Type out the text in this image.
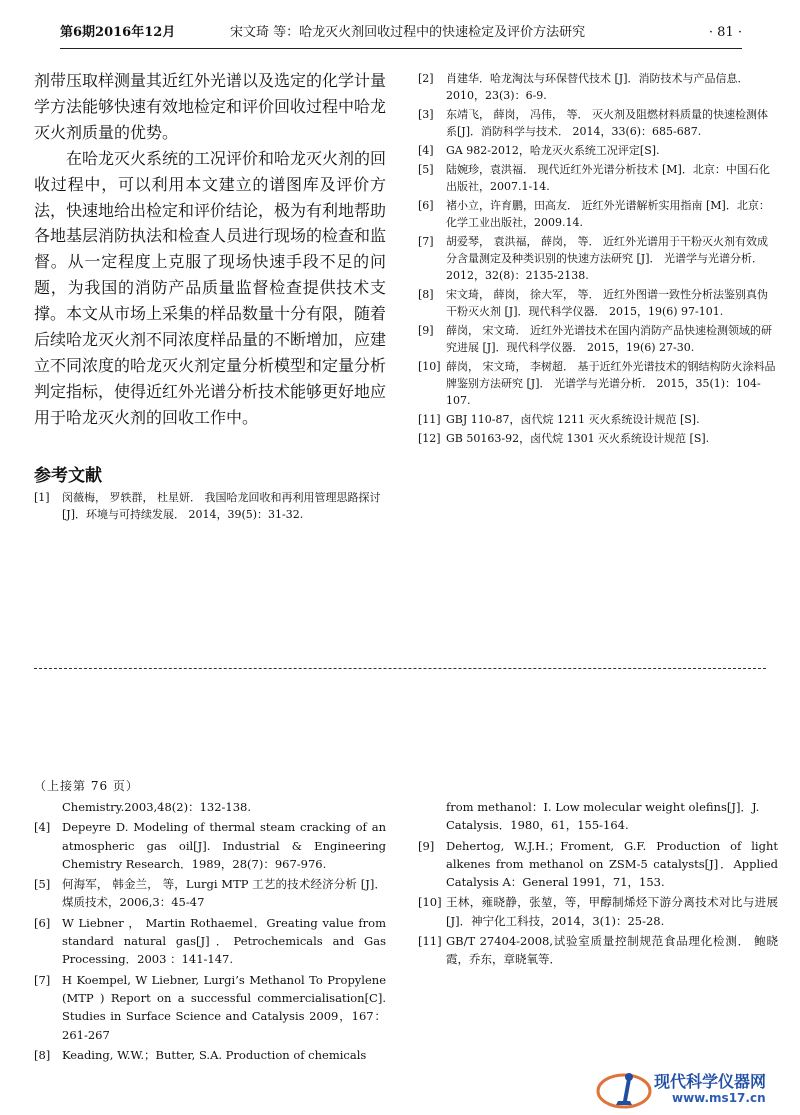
第6期2016年12月	宋文琦 等：哈龙灭火剂回收过程中的快速检定及评价方法研究	· 81 ·

剂带压取样测量其近红外光谱以及选定的化学计量学方法能够快速有效地检定和评价回收过程中哈龙灭火剂质量的优势。

在哈龙灭火系统的工况评价和哈龙灭火剂的回收过程中，可以利用本文建立的谱图库及评价方法，快速地给出检定和评价结论，极为有利地帮助各地基层消防执法和检查人员进行现场的检查和监督。从一定程度上克服了现场快速手段不足的问题，为我国的消防产品质量监督检查提供技术支撑。本文从市场上采集的样品数量十分有限，随着后续哈龙灭火剂不同浓度样品量的不断增加，应建立不同浓度的哈龙灭火剂定量分析模型和定量分析判定指标，使得近红外光谱分析技术能够更好地应用于哈龙灭火剂的回收工作中。

参考文献
[1] 闵薇梅， 罗轶群， 杜星妍． 我国哈龙回收和再利用管理思路探讨[J]．环境与可持续发展． 2014，39(5)：31-32.
[2] 肖建华．哈龙淘汰与环保替代技术 [J]．消防技术与产品信息． 2010，23(3)：6-9.
[3] 东靖飞， 薛岗， 冯伟， 等． 灭火剂及阻燃材料质量的快速检测体系[J]．消防科学与技术． 2014，33(6)：685-687.
[4] GA 982-2012，哈龙灭火系统工况评定[S].
[5] 陆婉珍，袁洪福． 现代近红外光谱分析技术 [M]．北京：中国石化出版社，2007.1-14.
[6] 褚小立，许育鹏，田高友． 近红外光谱解析实用指南 [M]．北京：化学工业出版社，2009.14.
[7] 胡爱琴， 袁洪福， 薛岗， 等． 近红外光谱用于干粉灭火剂有效成分含量测定及种类识别的快速方法研究 [J]． 光谱学与光谱分析． 2012，32(8)：2135-2138.
[8] 宋文琦， 薛岗， 徐大军， 等． 近红外图谱一致性分析法鉴别真伪干粉灭火剂 [J]．现代科学仪器． 2015，19(6) 97-101.
[9] 薛岗， 宋文琦． 近红外光谱技术在国内消防产品快速检测领域的研究进展 [J]．现代科学仪器． 2015，19(6) 27-30.
[10] 薛岗， 宋文琦， 李树超． 基于近红外光谱技术的钢结构防火涂料品牌鉴别方法研究 [J]． 光谱学与光谱分析． 2015，35(1)：104-107.
[11] GBJ 110-87，卤代烷 1211 灭火系统设计规范 [S].
[12] GB 50163-92，卤代烷 1301 灭火系统设计规范 [S].
（上接第 76 页）
Chemistry.2003,48(2)：132-138.
[4] Depeyre D. Modeling of thermal steam cracking of an atmospheric gas oil[J]. Industrial & Engineering Chemistry Research．1989，28(7)：967-976.
[5] 何海军， 韩金兰， 等，Lurgi MTP 工艺的技术经济分析 [J]．煤质技术，2006,3：45-47
[6] W Liebner ， Martin Rothaemel．Greating value from standard natural gas[J]．Petrochemicals and Gas Processing．2003 ：141-147.
[7] H Koempel, W Liebner, Lurgi’s Methanol To Propylene (MTP ) Report on a successful commercialisation[C]. Studies in Surface Science and Catalysis 2009，167：261-267
[8] Keading, W.W.；Butter, S.A. Production of chemicals
from methanol：I. Low molecular weight olefins[J]．J. Catalysis．1980，61，155-164.
[9] Dehertog, W.J.H.；Froment, G.F. Production of light alkenes from methanol on ZSM-5 catalysts[J]．Applied Catalysis A：General 1991，71，153.
[10] 王林，雍晓静，张堃，等，甲醇制烯烃下游分离技术对比与进展 [J]．神宁化工科技，2014，3(1)：25-28.
[11] GB/T 27404-2008,试验室质量控制规范食品理化检测． 鲍晓霞，乔东，章晓氧等．
现代科学仪器网
www.ms17.cn
